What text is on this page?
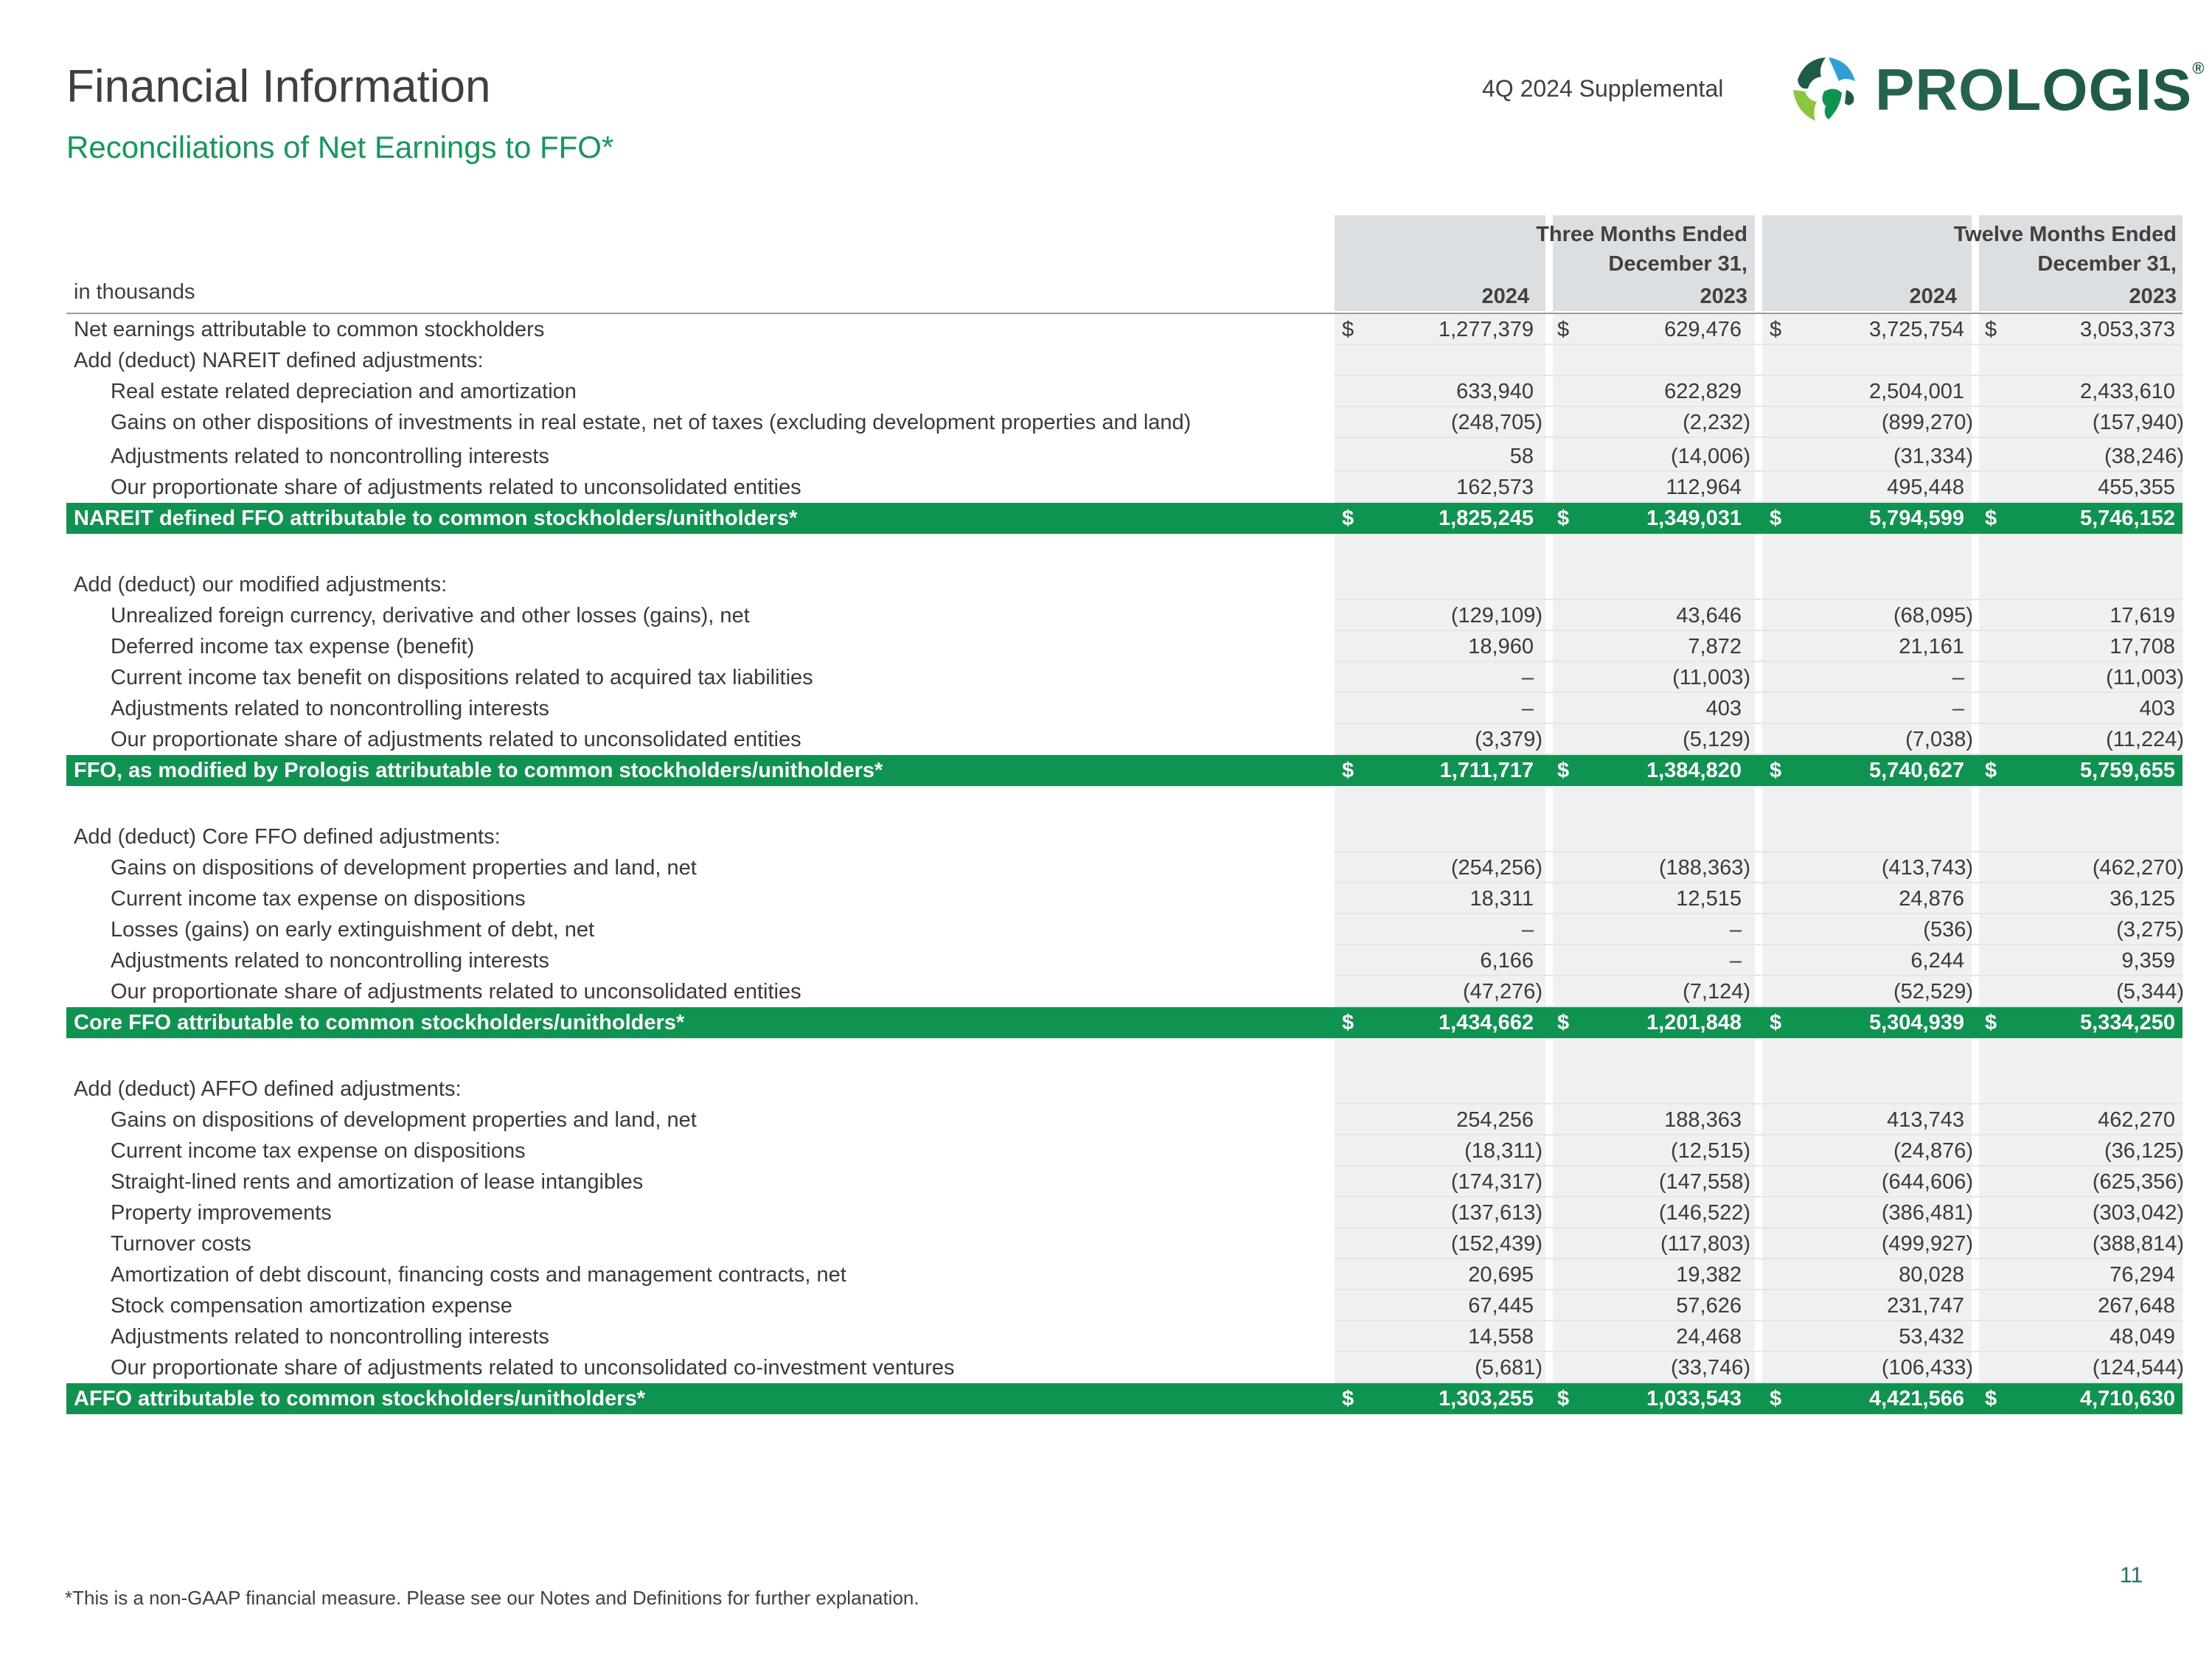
Financial Information
Reconciliations of Net Earnings to FFO*
4Q 2024 Supplemental	PROLOGIS®
Three Months Ended
December 31,
Twelve Months Ended
December 31,
in thousands	2024	2023	2024	2023
Net earnings attributable to common stockholders	$	1,277,379 $	629,476 $	3,725,754 $	3,053,373
Add (deduct) NAREIT defined adjustments:
Real estate related depreciation and amortization	633,940	622,829	2,504,001	2,433,610
Gains on other dispositions of investments in real estate, net of taxes (excluding development properties and land)	(248,705)	(2,232)	(899,270)	(157,940)
Adjustments related to noncontrolling interests	58	(14,006)	(31,334)	(38,246)
Our proportionate share of adjustments related to unconsolidated entities	162,573	112,964	495,448	455,355
NAREIT defined FFO attributable to common stockholders/unitholders*	$	1,825,245 $	1,349,031 $	5,794,599 $	5,746,152
Add (deduct) our modified adjustments:
Unrealized foreign currency, derivative and other losses (gains), net	(129,109)	43,646	(68,095)	17,619
Deferred income tax expense (benefit)	18,960	7,872	21,161	17,708
Current income tax benefit on dispositions related to acquired tax liabilities	–	(11,003)	–	(11,003)
Adjustments related to noncontrolling interests	–	403	–	403
Our proportionate share of adjustments related to unconsolidated entities	(3,379)	(5,129)	(7,038)	(11,224)
FFO, as modified by Prologis attributable to common stockholders/unitholders*	$	1,711,717 $	1,384,820 $	5,740,627 $	5,759,655
Add (deduct) Core FFO defined adjustments:
Gains on dispositions of development properties and land, net	(254,256)	(188,363)	(413,743)	(462,270)
Current income tax expense on dispositions	18,311	12,515	24,876	36,125
Losses (gains) on early extinguishment of debt, net	–	–	(536)	(3,275)
Adjustments related to noncontrolling interests	6,166	–	6,244	9,359
Our proportionate share of adjustments related to unconsolidated entities	(47,276)	(7,124)	(52,529)	(5,344)
Core FFO attributable to common stockholders/unitholders*	$	1,434,662 $	1,201,848 $	5,304,939 $	5,334,250
Add (deduct) AFFO defined adjustments:
Gains on dispositions of development properties and land, net	254,256	188,363	413,743	462,270
Current income tax expense on dispositions	(18,311)	(12,515)	(24,876)	(36,125)
Straight-lined rents and amortization of lease intangibles	(174,317)	(147,558)	(644,606)	(625,356)
Property improvements	(137,613)	(146,522)	(386,481)	(303,042)
Turnover costs	(152,439)	(117,803)	(499,927)	(388,814)
Amortization of debt discount, financing costs and management contracts, net	20,695	19,382	80,028	76,294
Stock compensation amortization expense	67,445	57,626	231,747	267,648
Adjustments related to noncontrolling interests	14,558	24,468	53,432	48,049
Our proportionate share of adjustments related to unconsolidated co-investment ventures	(5,681)	(33,746)	(106,433)	(124,544)
AFFO attributable to common stockholders/unitholders*	$	1,303,255 $	1,033,543 $	4,421,566 $	4,710,630
*This is a non-GAAP financial measure. Please see our Notes and Definitions for further explanation.
11
